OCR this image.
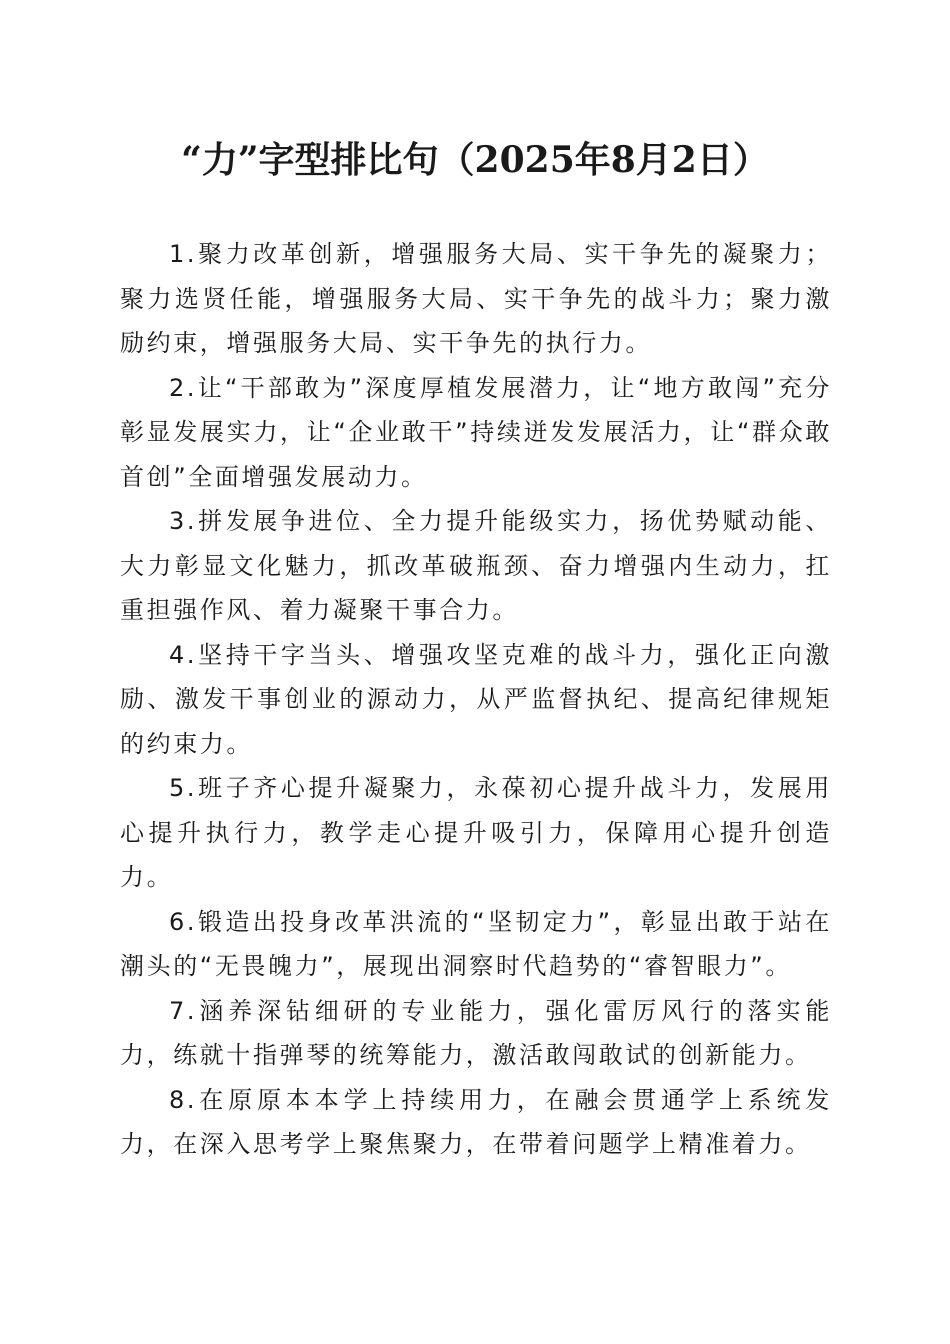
“力”字型排比句（2025年8月2日）

1.聚力改革创新，增强服务大局、实干争先的凝聚力；聚力选贤任能，增强服务大局、实干争先的战斗力；聚力激励约束，增强服务大局、实干争先的执行力。

2.让“干部敢为”深度厚植发展潜力，让“地方敢闯”充分彰显发展实力，让“企业敢干”持续迸发发展活力，让“群众敢首创”全面增强发展动力。

3.拼发展争进位、全力提升能级实力，扬优势赋动能、大力彰显文化魅力，抓改革破瓶颈、奋力增强内生动力，扛重担强作风、着力凝聚干事合力。

4.坚持干字当头、增强攻坚克难的战斗力，强化正向激励、激发干事创业的源动力，从严监督执纪、提高纪律规矩的约束力。

5.班子齐心提升凝聚力，永葆初心提升战斗力，发展用心提升执行力，教学走心提升吸引力，保障用心提升创造力。

6.锻造出投身改革洪流的“坚韧定力”，彰显出敢于站在潮头的“无畏魄力”，展现出洞察时代趋势的“睿智眼力”。

7.涵养深钻细研的专业能力，强化雷厉风行的落实能力，练就十指弹琴的统筹能力，激活敢闯敢试的创新能力。

8.在原原本本学上持续用力，在融会贯通学上系统发力，在深入思考学上聚焦聚力，在带着问题学上精准着力。
